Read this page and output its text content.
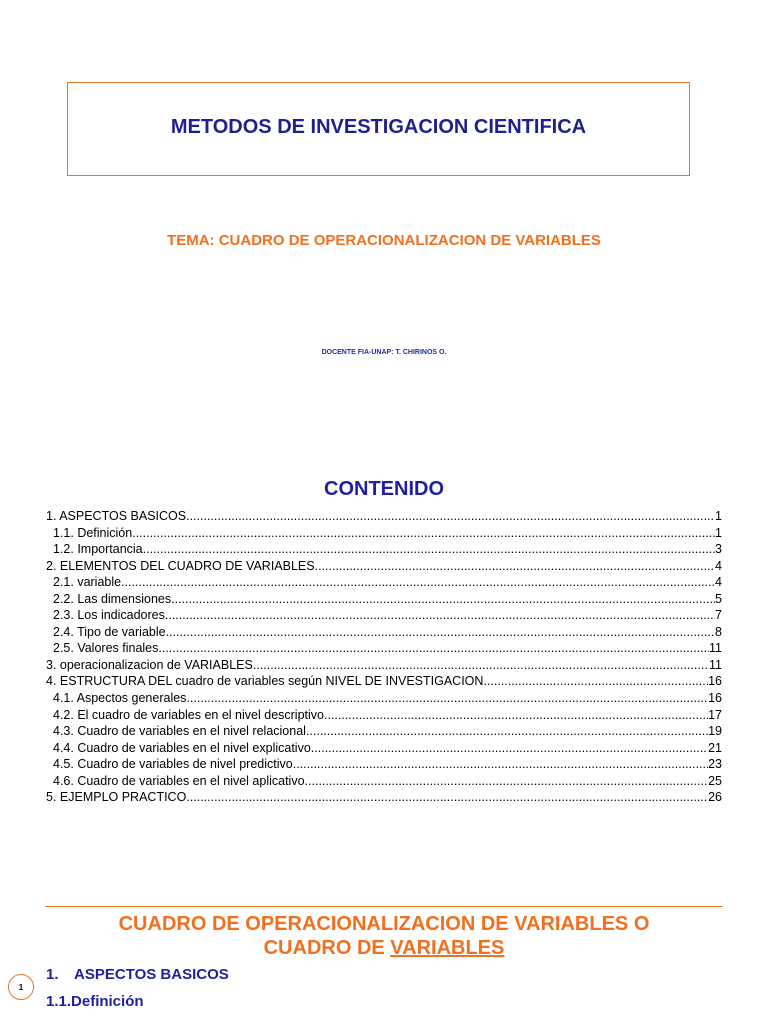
METODOS DE INVESTIGACION CIENTIFICA
TEMA: CUADRO DE OPERACIONALIZACION DE VARIABLES
DOCENTE FIA-UNAP: T. CHIRINOS O.
CONTENIDO
1. ASPECTOS BASICOS .....	1
1.1. Definición .....	1
1.2. Importancia .....	3
2. ELEMENTOS DEL CUADRO DE VARIABLES .....	4
2.1. variable .....	4
2.2. Las dimensiones .....	5
2.3. Los indicadores .....	7
2.4. Tipo de variable .....	8
2.5. Valores finales .....	11
3. operacionalizacion de VARIABLES .....	11
4. ESTRUCTURA DEL cuadro de variables según NIVEL DE INVESTIGACION .....	16
4.1. Aspectos generales .....	16
4.2. El cuadro de variables en el nivel descriptivo .....	17
4.3. Cuadro de variables en el nivel relacional .....	19
4.4. Cuadro de variables en el nivel explicativo .....	21
4.5. Cuadro de variables de nivel predictivo .....	23
4.6. Cuadro de variables en el nivel aplicativo .....	25
5. EJEMPLO PRACTICO .....	26
CUADRO DE OPERACIONALIZACION DE VARIABLES O
CUADRO DE VARIABLES
1
1. ASPECTOS BASICOS
1.1.Definición
